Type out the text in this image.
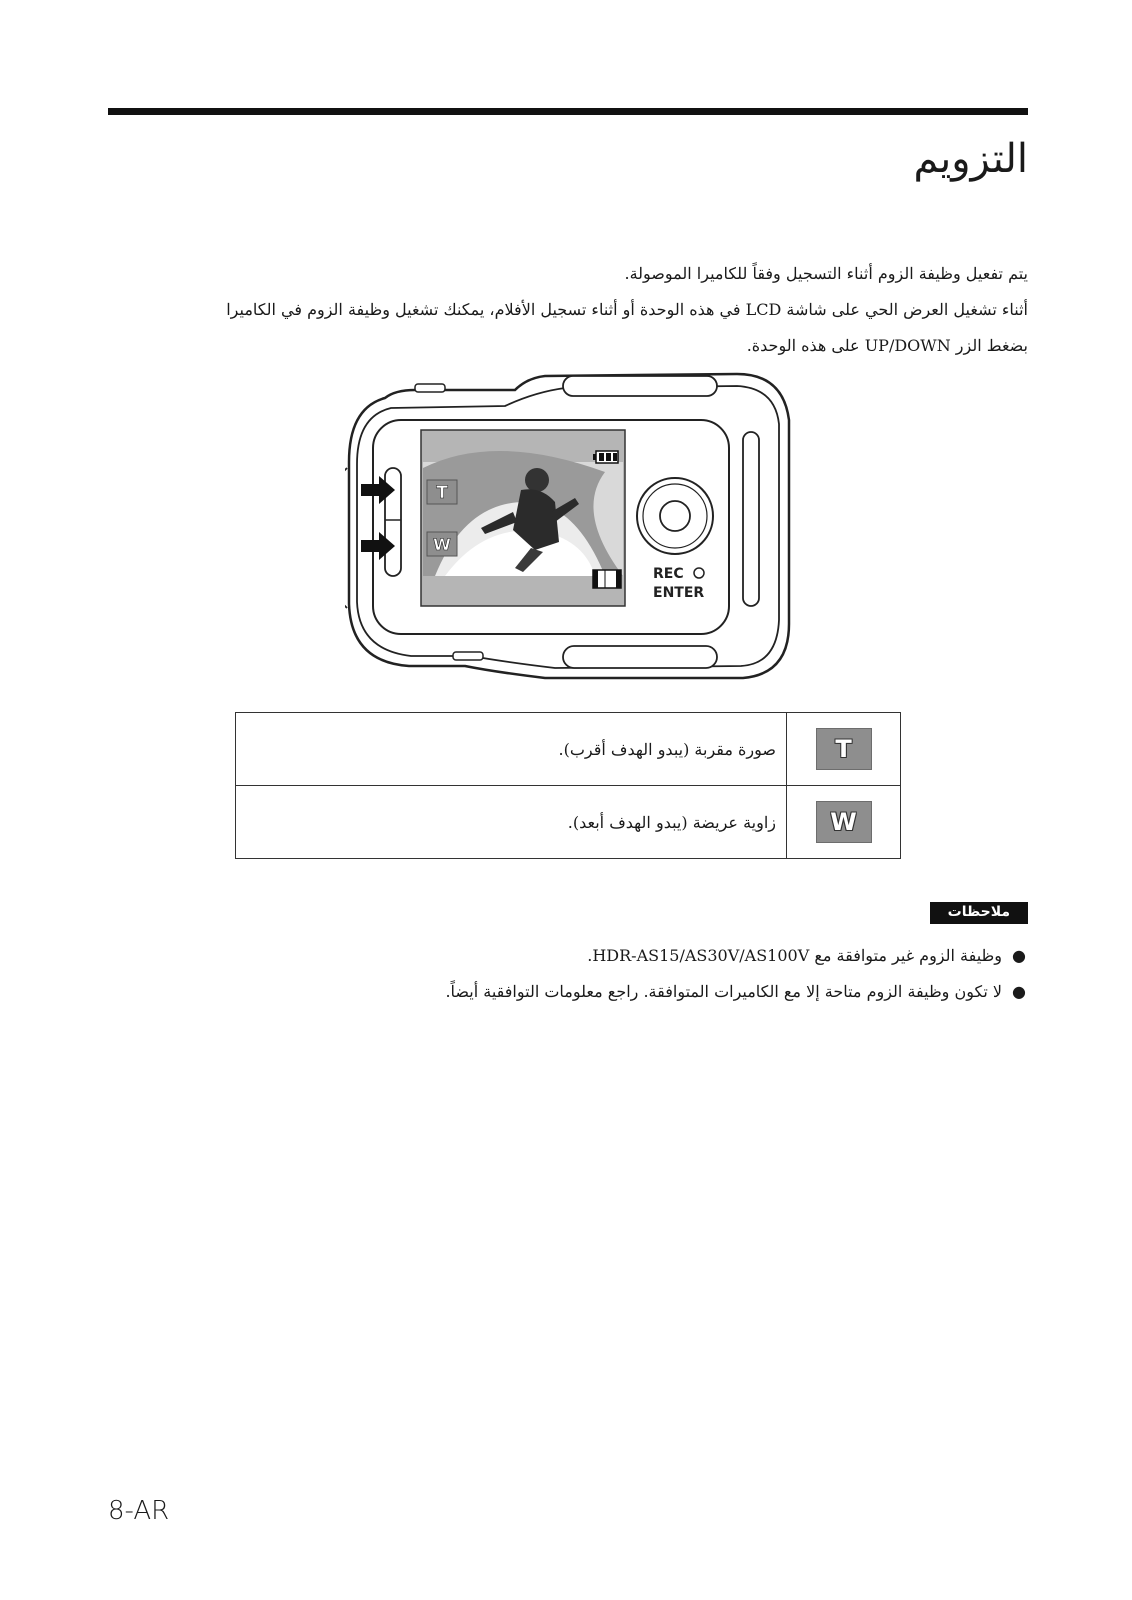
التزويم

يتم تفعيل وظيفة الزوم أثناء التسجيل وفقاً للكاميرا الموصولة.

أثناء تشغيل العرض الحي على شاشة LCD في هذه الوحدة أو أثناء تسجيل الأفلام، يمكنك تشغيل وظيفة الزوم في الكاميرا

بضغط الزر UP/DOWN على هذه الوحدة.

T
W
REC
ENTER
T	صورة مقربة (يبدو الهدف أقرب).
W	زاوية عريضة (يبدو الهدف أبعد).
ملاحظات
●
وظيفة الزوم غير متوافقة مع HDR-AS15/AS30V/AS100V.
●
لا تكون وظيفة الزوم متاحة إلا مع الكاميرات المتوافقة. راجع معلومات التوافقية أيضاً.
8-AR
